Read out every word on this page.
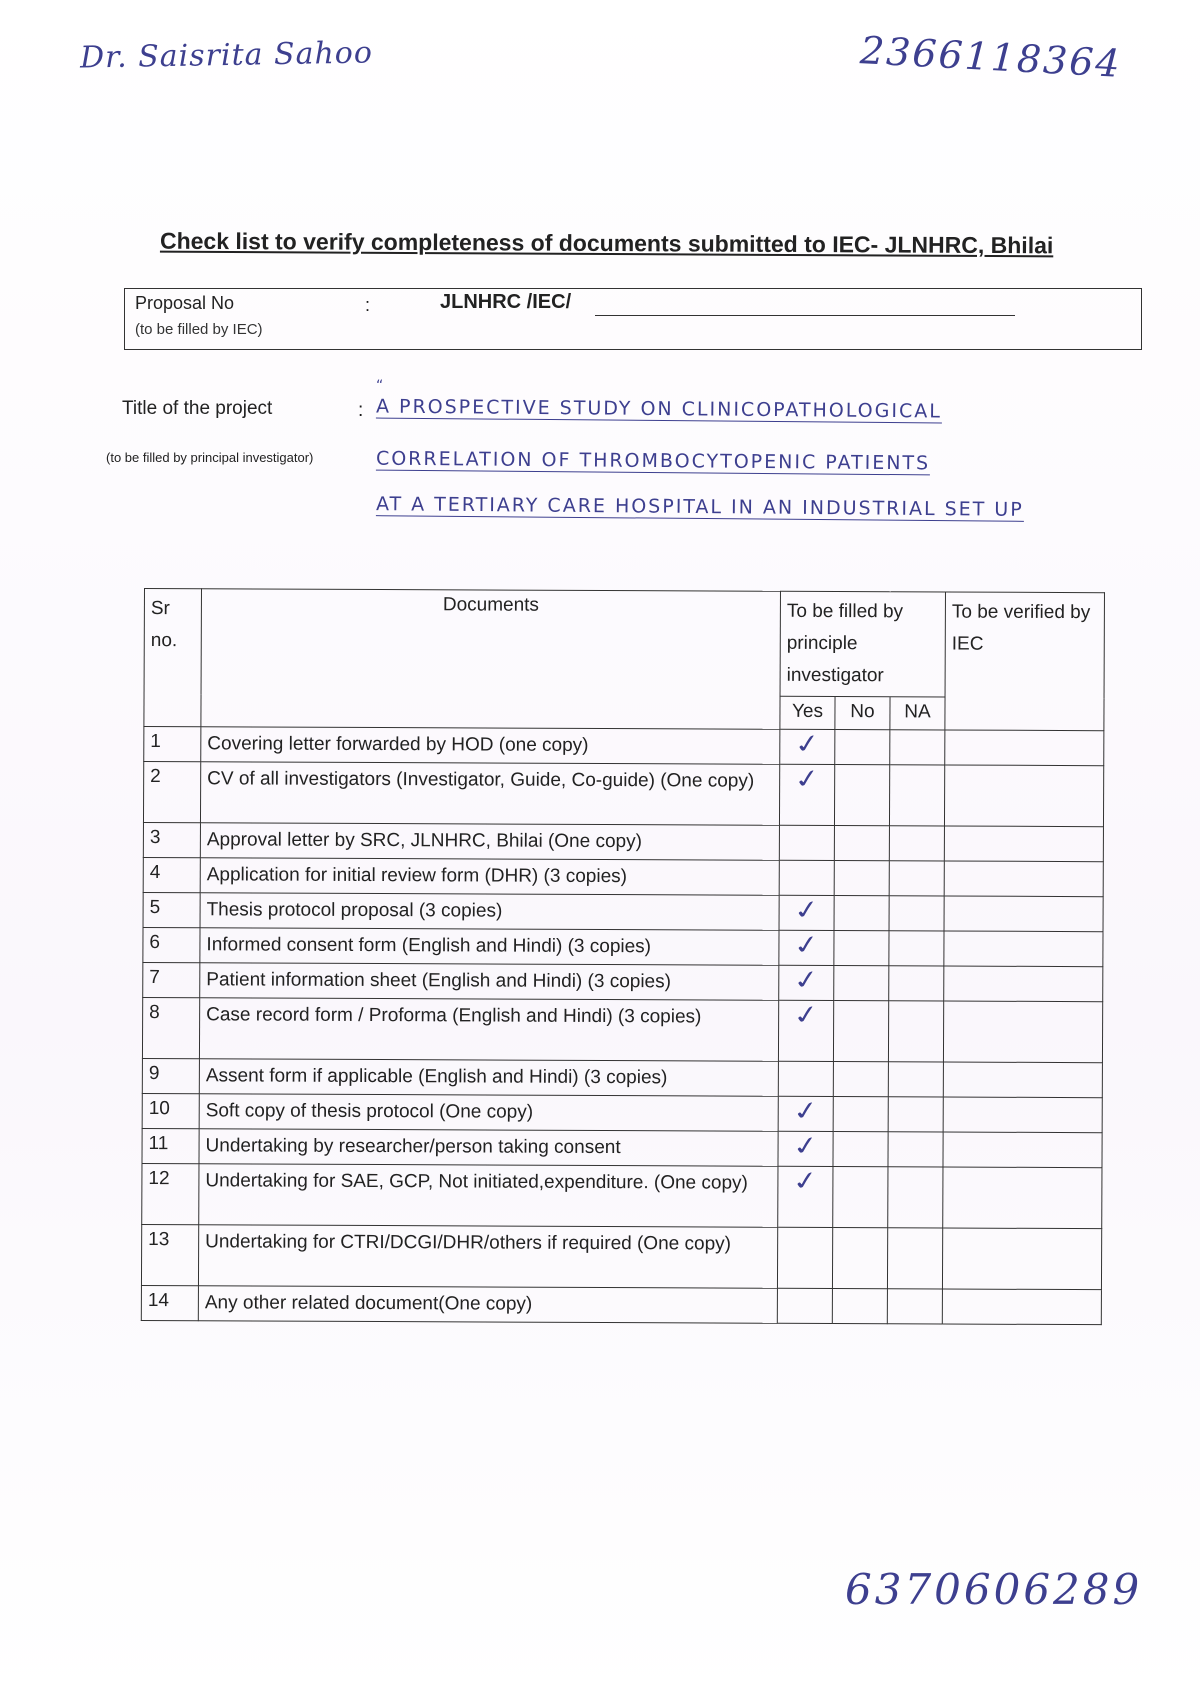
Dr. Saisrita Sahoo	2366118364
Check list to verify completeness of documents submitted to IEC- JLNHRC, Bhilai
Proposal No
(to be filled by IEC)
:	JLNHRC /IEC/
Title of the project
(to be filled by principal investigator)
:
“
A PROSPECTIVE STUDY ON CLINICOPATHOLOGICAL
CORRELATION OF THROMBOCYTOPENIC PATIENTS
AT A TERTIARY CARE HOSPITAL IN AN INDUSTRIAL SET UP
Sr no.	Documents	To be filled by principle investigator			To be verified by IEC
		Yes	No	NA	
1	Covering letter forwarded by HOD (one copy)	✓			
2	CV of all investigators (Investigator, Guide, Co-guide) (One copy)	✓			
3	Approval letter by SRC, JLNHRC, Bhilai (One copy)				
4	Application for initial review form (DHR) (3 copies)				
5	Thesis protocol proposal (3 copies)	✓			
6	Informed consent form (English and Hindi) (3 copies)	✓			
7	Patient information sheet (English and Hindi) (3 copies)	✓			
8	Case record form / Proforma (English and Hindi) (3 copies)	✓			
9	Assent form if applicable (English and Hindi) (3 copies)				
10	Soft copy of thesis protocol (One copy)	✓			
11	Undertaking by researcher/person taking consent	✓			
12	Undertaking for SAE, GCP, Not initiated,expenditure. (One copy)	✓			
13	Undertaking for CTRI/DCGI/DHR/others if required (One copy)				
14	Any other related document(One copy)				
6370606289
